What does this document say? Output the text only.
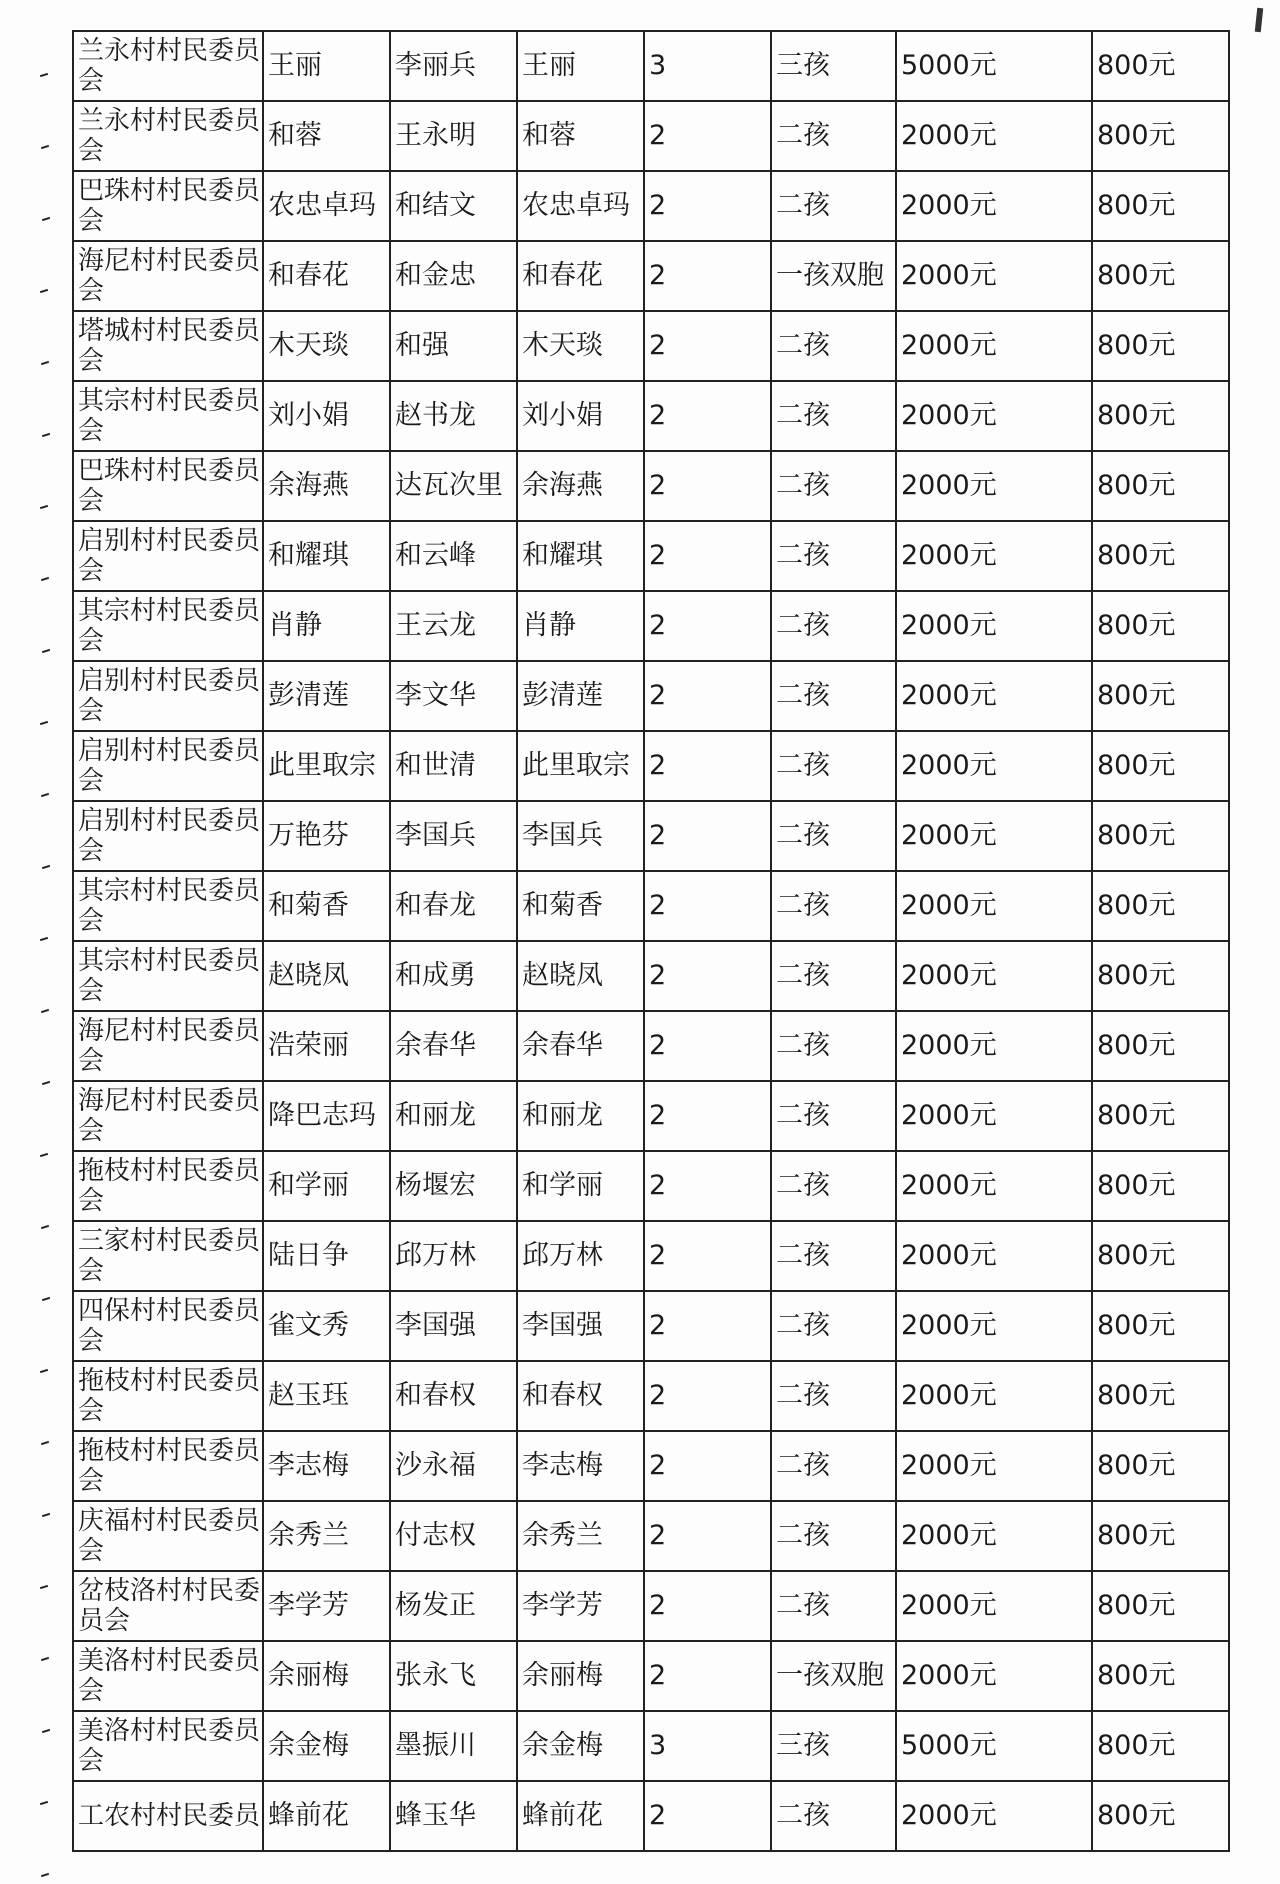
兰永村村民委员会	王丽	李丽兵	王丽	3	三孩	5000元	800元
兰永村村民委员会	和蓉	王永明	和蓉	2	二孩	2000元	800元
巴珠村村民委员会	农忠卓玛	和结文	农忠卓玛	2	二孩	2000元	800元
海尼村村民委员会	和春花	和金忠	和春花	2	一孩双胞	2000元	800元
塔城村村民委员会	木天琰	和强	木天琰	2	二孩	2000元	800元
其宗村村民委员会	刘小娟	赵书龙	刘小娟	2	二孩	2000元	800元
巴珠村村民委员会	余海燕	达瓦次里	余海燕	2	二孩	2000元	800元
启别村村民委员会	和耀琪	和云峰	和耀琪	2	二孩	2000元	800元
其宗村村民委员会	肖静	王云龙	肖静	2	二孩	2000元	800元
启别村村民委员会	彭清莲	李文华	彭清莲	2	二孩	2000元	800元
启别村村民委员会	此里取宗	和世清	此里取宗	2	二孩	2000元	800元
启别村村民委员会	万艳芬	李国兵	李国兵	2	二孩	2000元	800元
其宗村村民委员会	和菊香	和春龙	和菊香	2	二孩	2000元	800元
其宗村村民委员会	赵晓凤	和成勇	赵晓凤	2	二孩	2000元	800元
海尼村村民委员会	浩荣丽	余春华	余春华	2	二孩	2000元	800元
海尼村村民委员会	降巴志玛	和丽龙	和丽龙	2	二孩	2000元	800元
拖枝村村民委员会	和学丽	杨堰宏	和学丽	2	二孩	2000元	800元
三家村村民委员会	陆日争	邱万林	邱万林	2	二孩	2000元	800元
四保村村民委员会	雀文秀	李国强	李国强	2	二孩	2000元	800元
拖枝村村民委员会	赵玉珏	和春权	和春权	2	二孩	2000元	800元
拖枝村村民委员会	李志梅	沙永福	李志梅	2	二孩	2000元	800元
庆福村村民委员会	余秀兰	付志权	余秀兰	2	二孩	2000元	800元
岔枝洛村村民委员会	李学芳	杨发正	李学芳	2	二孩	2000元	800元
美洛村村民委员会	余丽梅	张永飞	余丽梅	2	一孩双胞	2000元	800元
美洛村村民委员会	余金梅	墨振川	余金梅	3	三孩	5000元	800元
工农村村民委员	蜂前花	蜂玉华	蜂前花	2	二孩	2000元	800元
